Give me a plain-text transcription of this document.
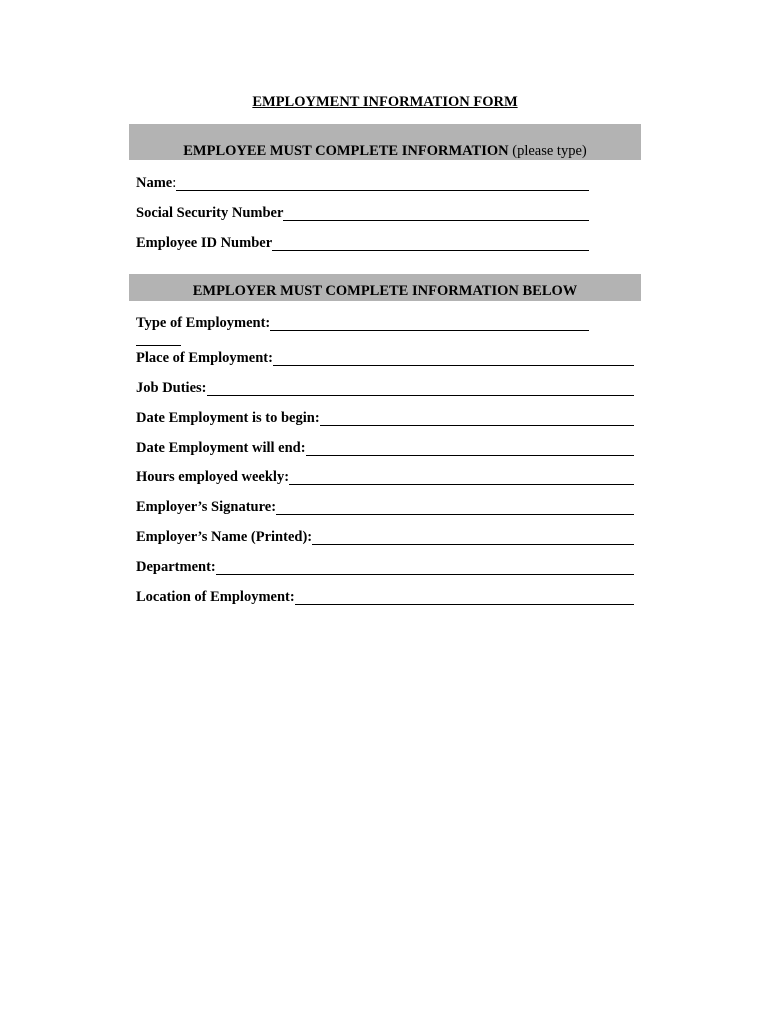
EMPLOYMENT INFORMATION FORM
EMPLOYEE MUST COMPLETE INFORMATION (please type)
Name:
Social Security Number
Employee ID Number
EMPLOYER MUST COMPLETE INFORMATION BELOW
Type of Employment:
Place of Employment:
Job Duties:
Date Employment is to begin:
Date Employment will end:
Hours employed weekly:
Employer’s Signature:
Employer’s Name (Printed):
Department:
Location of Employment:
